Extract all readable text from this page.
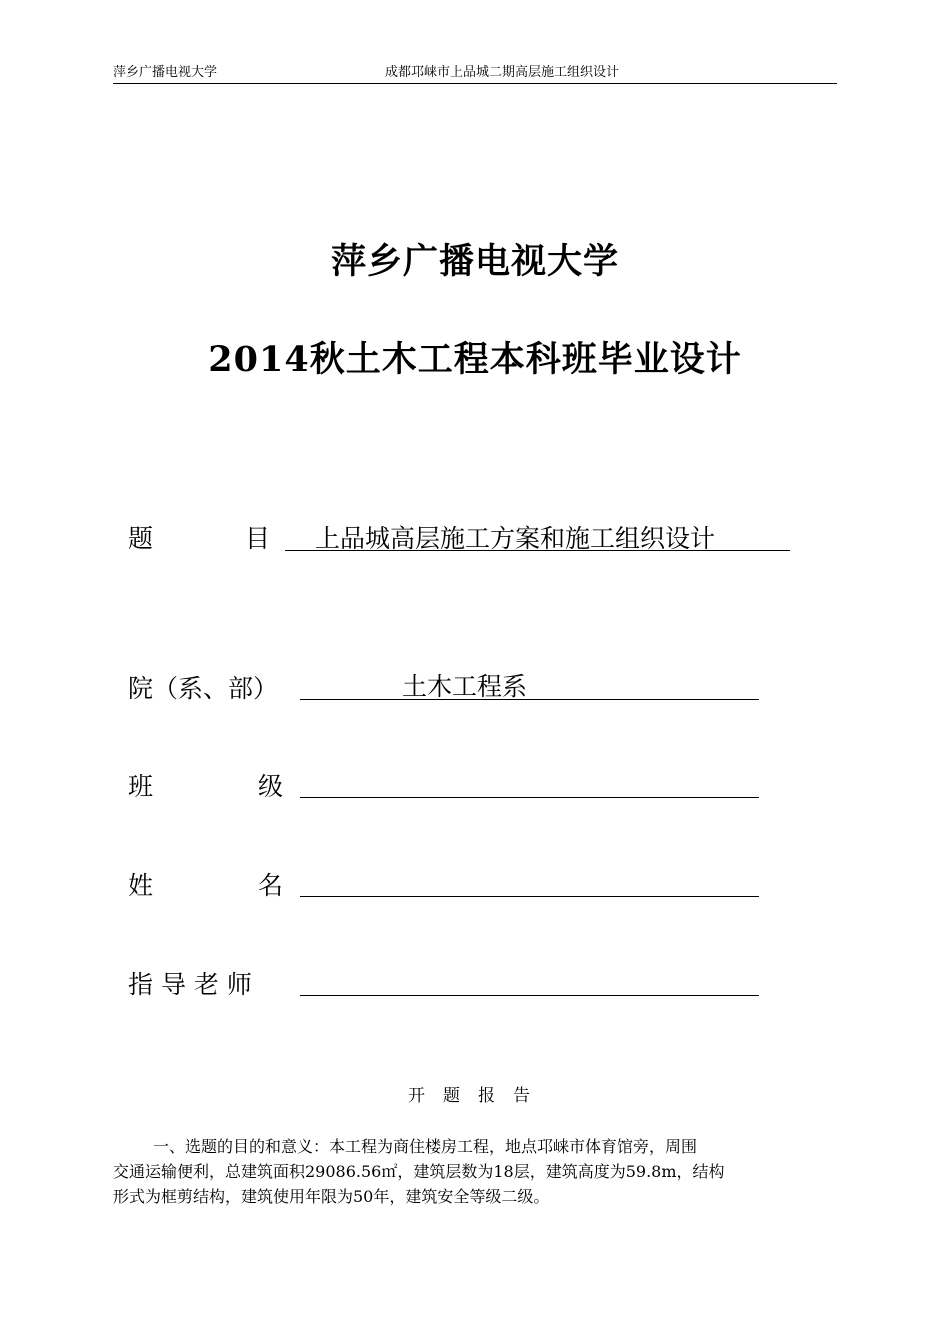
萍乡广播电视大学	成都邛崃市上品城二期高层施工组织设计
萍乡广播电视大学
2014秋土木工程本科班毕业设计
题	目 上品城高层施工方案和施工组织设计
院（系、部）	土木工程系
班	级
姓	名
指 导 老 师
开题报告
一、选题的目的和意义：本工程为商住楼房工程，地点邛崃市体育馆旁，周围
交通运输便利，总建筑面积29086.56㎡，建筑层数为18层，建筑高度为59.8m，结构
形式为框剪结构，建筑使用年限为50年，建筑安全等级二级。
